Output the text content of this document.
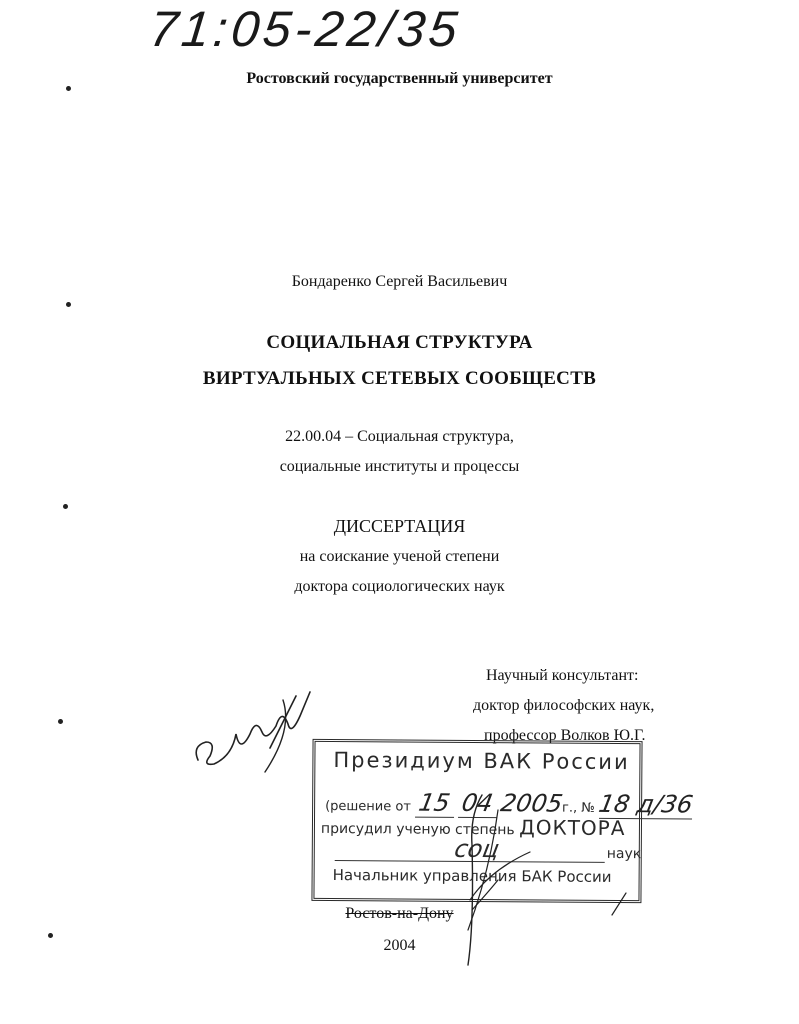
71:05-22/35
Ростовский государственный университет
Бондаренко Сергей Васильевич
СОЦИАЛЬНАЯ СТРУКТУРА
ВИРТУАЛЬНЫХ СЕТЕВЫХ СООБЩЕСТВ
22.00.04 – Социальная структура,
социальные институты и процессы
ДИССЕРТАЦИЯ
на соискание ученой степени
доктора социологических наук
Научный консультант:
доктор философских наук,
профессор Волков Ю.Г.
Президиум ВАК России
(решение от 15 04 2005г., № 18 д/36
присудил ученую степень ДОКТОРА
соц	наук
Начальник управления БАК России
Ростов-на-Дону
2004
